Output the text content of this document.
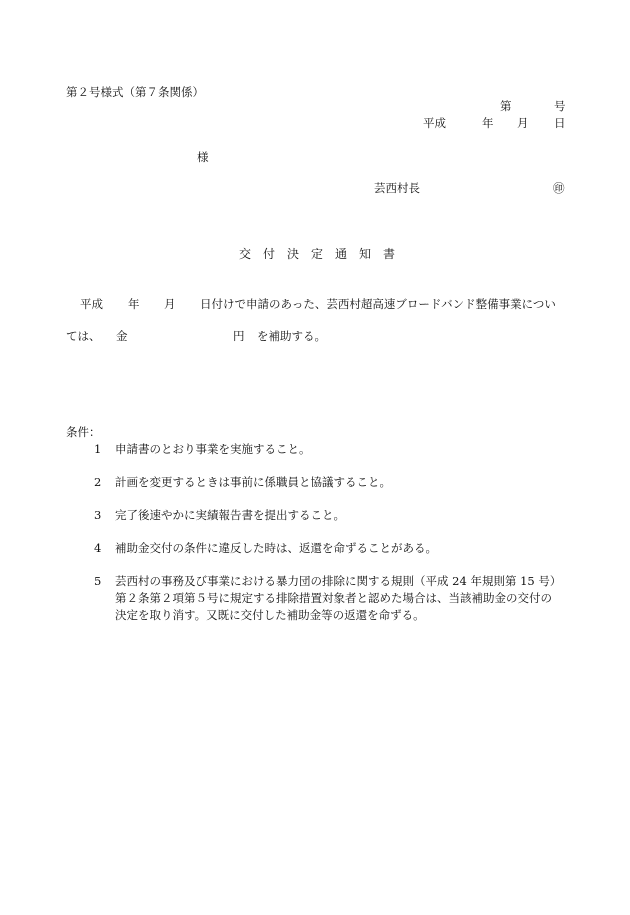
第２号様式（第７条関係）
第	号
平成	年 月 日
様
芸西村長	㊞
交　付　決　定　通　知　書
平成 年 月 日付けで申請のあった、芸西村超高速ブロードバンド整備事業につい
ては、 金	円 を補助する。
条件：
1 申請書のとおり事業を実施すること。
2 計画を変更するときは事前に係職員と協議すること。
3 完了後速やかに実績報告書を提出すること。
4 補助金交付の条件に違反した時は、返還を命ずることがある。
5 芸西村の事務及び事業における暴力団の排除に関する規則（平成 24 年規則第 15 号）
第２条第２項第５号に規定する排除措置対象者と認めた場合は、当該補助金の交付の
決定を取り消す。又既に交付した補助金等の返還を命ずる。
